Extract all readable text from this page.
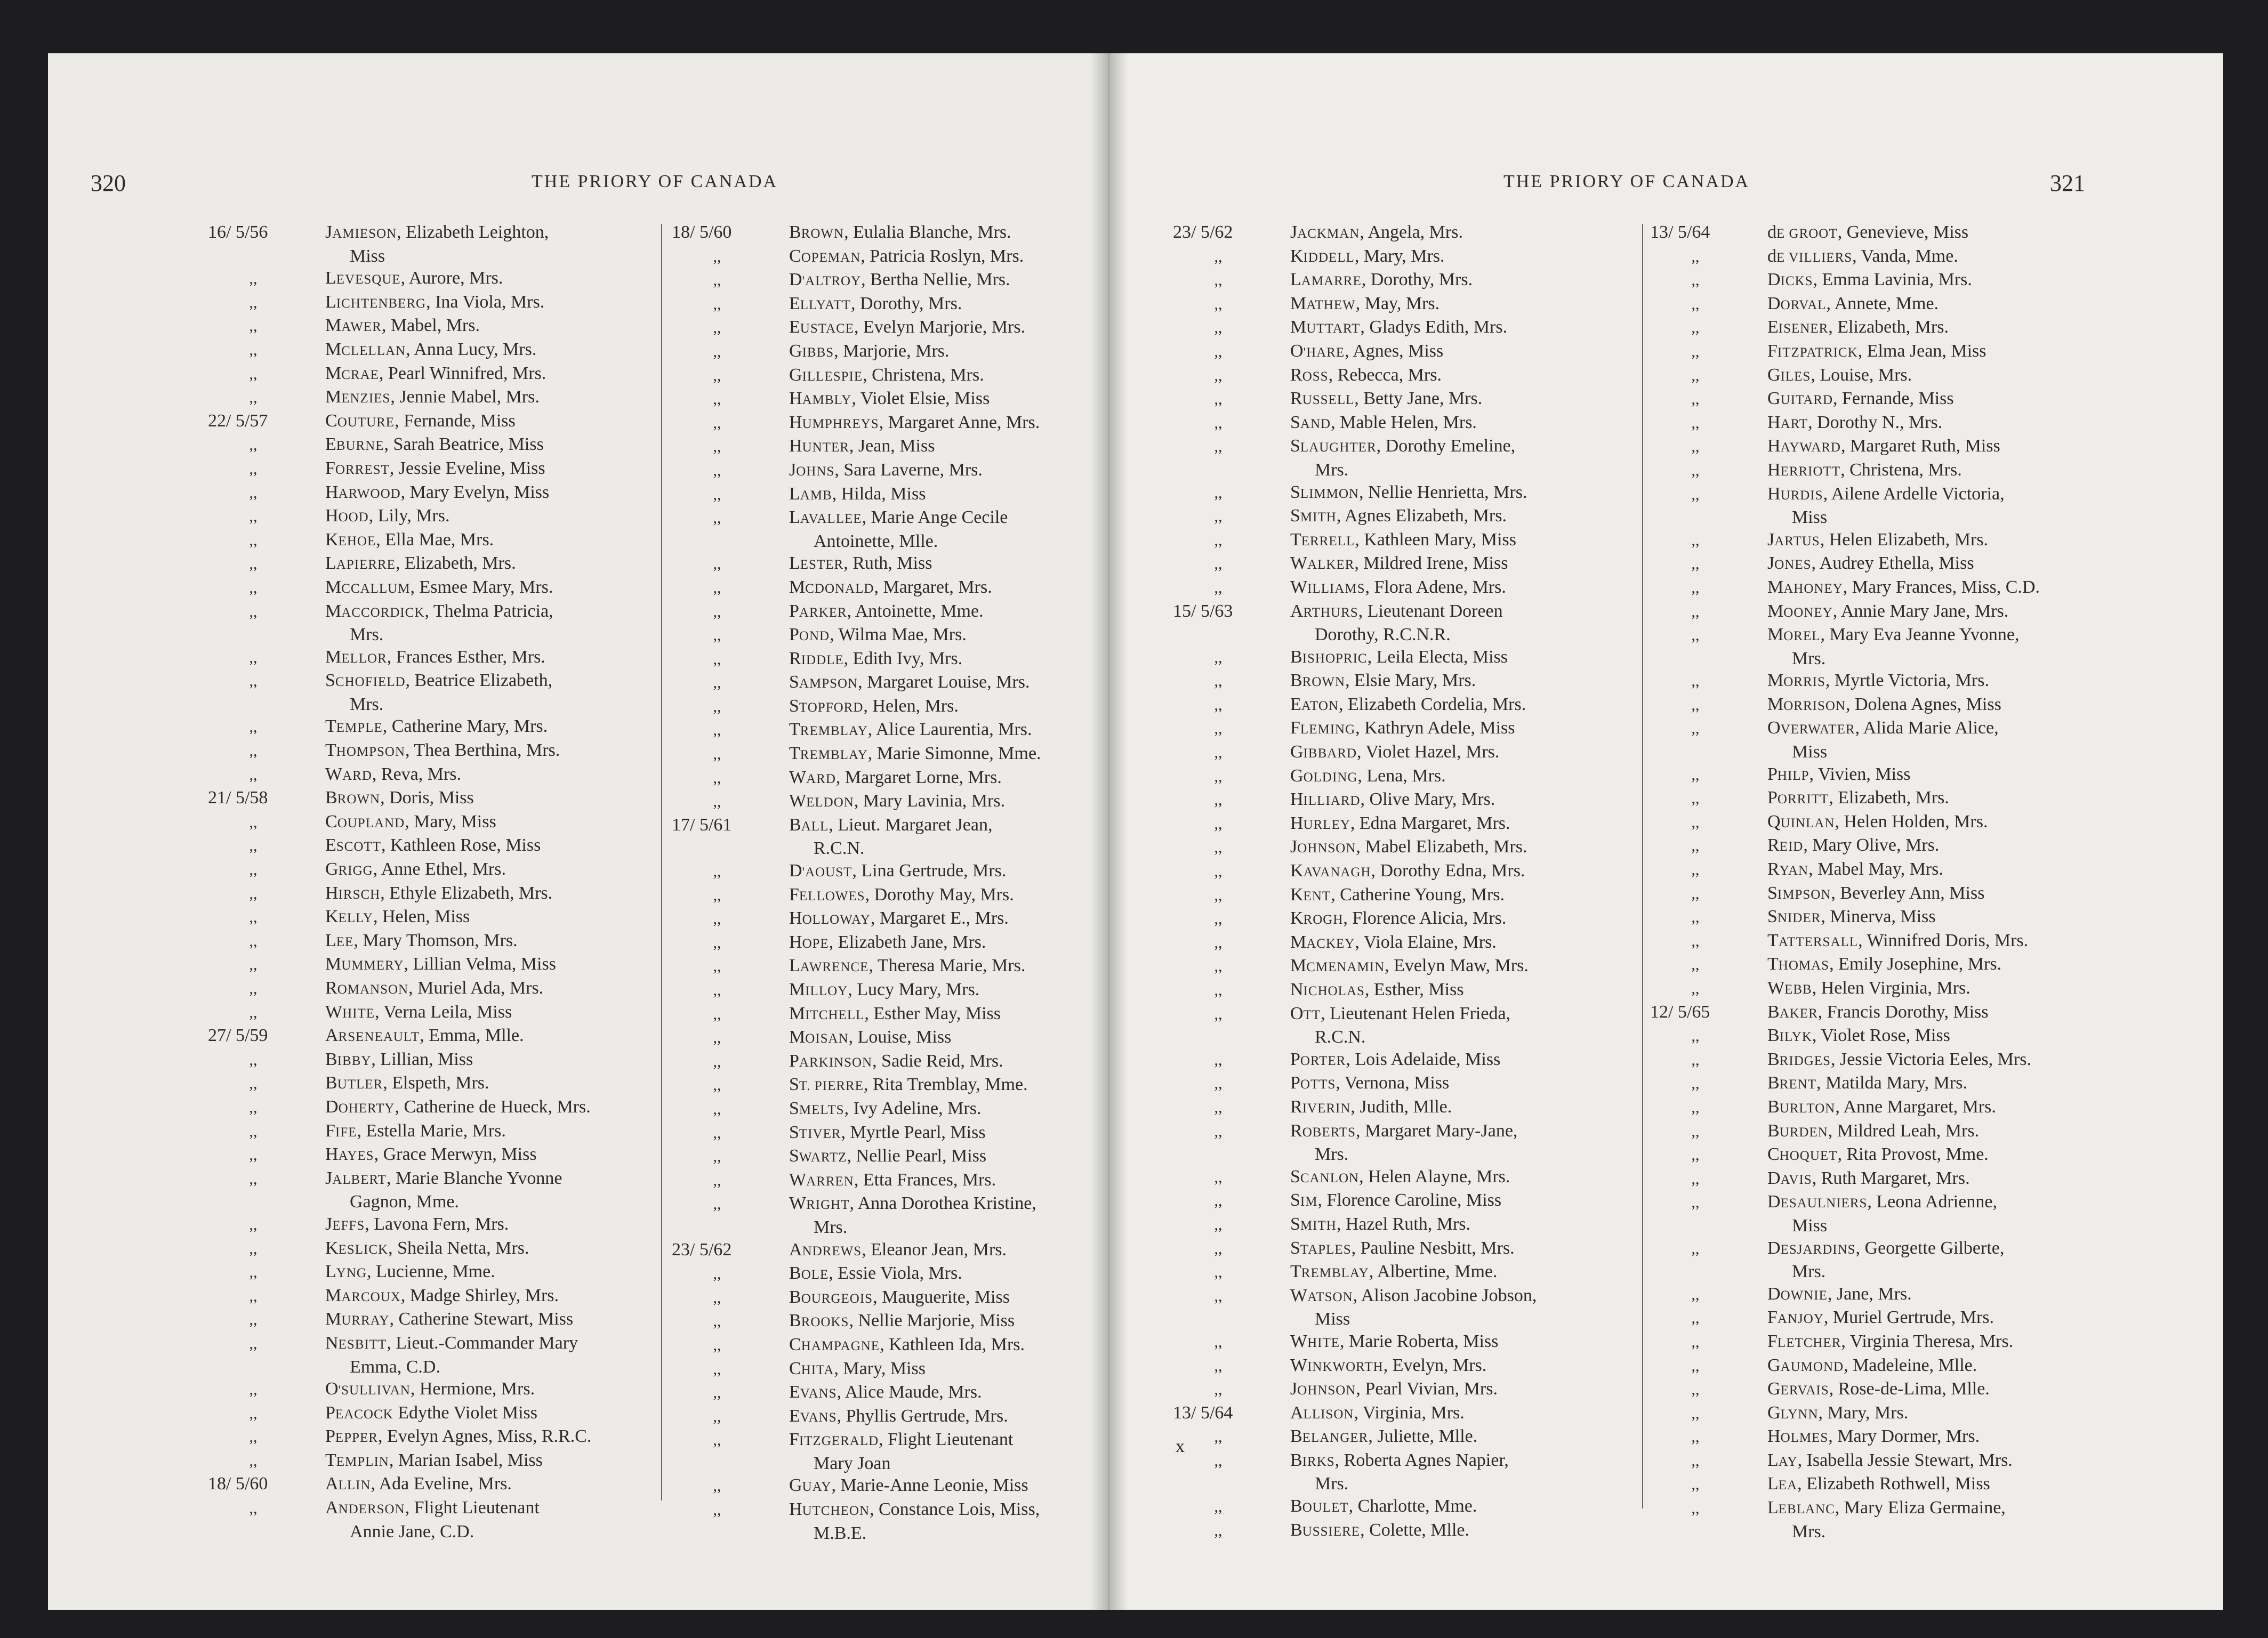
320	THE PRIORY OF CANADA
16/ 5/56	JAMIESON, Elizabeth Leighton,
Miss
,,	LEVESQUE, Aurore, Mrs.
,,	LICHTENBERG, Ina Viola, Mrs.
,,	MAWER, Mabel, Mrs.
,,	MCLELLAN, Anna Lucy, Mrs.
,,	MCRAE, Pearl Winnifred, Mrs.
,,	MENZIES, Jennie Mabel, Mrs.
22/ 5/57	COUTURE, Fernande, Miss
,,	EBURNE, Sarah Beatrice, Miss
,,	FORREST, Jessie Eveline, Miss
,,	HARWOOD, Mary Evelyn, Miss
,,	HOOD, Lily, Mrs.
,,	KEHOE, Ella Mae, Mrs.
,,	LAPIERRE, Elizabeth, Mrs.
,,	MCCALLUM, Esmee Mary, Mrs.
,,	MACCORDICK, Thelma Patricia,
Mrs.
,,	MELLOR, Frances Esther, Mrs.
,,	SCHOFIELD, Beatrice Elizabeth,
Mrs.
,,	TEMPLE, Catherine Mary, Mrs.
,,	THOMPSON, Thea Berthina, Mrs.
,,	WARD, Reva, Mrs.
21/ 5/58	BROWN, Doris, Miss
,,	COUPLAND, Mary, Miss
,,	ESCOTT, Kathleen Rose, Miss
,,	GRIGG, Anne Ethel, Mrs.
,,	HIRSCH, Ethyle Elizabeth, Mrs.
,,	KELLY, Helen, Miss
,,	LEE, Mary Thomson, Mrs.
,,	MUMMERY, Lillian Velma, Miss
,,	ROMANSON, Muriel Ada, Mrs.
,,	WHITE, Verna Leila, Miss
27/ 5/59	ARSENEAULT, Emma, Mlle.
,,	BIBBY, Lillian, Miss
,,	BUTLER, Elspeth, Mrs.
,,	DOHERTY, Catherine de Hueck, Mrs.
,,	FIFE, Estella Marie, Mrs.
,,	HAYES, Grace Merwyn, Miss
,,	JALBERT, Marie Blanche Yvonne
Gagnon, Mme.
,,	JEFFS, Lavona Fern, Mrs.
,,	KESLICK, Sheila Netta, Mrs.
,,	LYNG, Lucienne, Mme.
,,	MARCOUX, Madge Shirley, Mrs.
,,	MURRAY, Catherine Stewart, Miss
,,	NESBITT, Lieut.-Commander Mary
Emma, C.D.
,,	O'SULLIVAN, Hermione, Mrs.
,,	PEACOCK Edythe Violet Miss
,,	PEPPER, Evelyn Agnes, Miss, R.R.C.
,,	TEMPLIN, Marian Isabel, Miss
18/ 5/60	ALLIN, Ada Eveline, Mrs.
,,	ANDERSON, Flight Lieutenant
Annie Jane, C.D.
18/ 5/60	BROWN, Eulalia Blanche, Mrs.
,,	COPEMAN, Patricia Roslyn, Mrs.
,,	D'ALTROY, Bertha Nellie, Mrs.
,,	ELLYATT, Dorothy, Mrs.
,,	EUSTACE, Evelyn Marjorie, Mrs.
,,	GIBBS, Marjorie, Mrs.
,,	GILLESPIE, Christena, Mrs.
,,	HAMBLY, Violet Elsie, Miss
,,	HUMPHREYS, Margaret Anne, Mrs.
,,	HUNTER, Jean, Miss
,,	JOHNS, Sara Laverne, Mrs.
,,	LAMB, Hilda, Miss
,,	LAVALLEE, Marie Ange Cecile
Antoinette, Mlle.
,,	LESTER, Ruth, Miss
,,	MCDONALD, Margaret, Mrs.
,,	PARKER, Antoinette, Mme.
,,	POND, Wilma Mae, Mrs.
,,	RIDDLE, Edith Ivy, Mrs.
,,	SAMPSON, Margaret Louise, Mrs.
,,	STOPFORD, Helen, Mrs.
,,	TREMBLAY, Alice Laurentia, Mrs.
,,	TREMBLAY, Marie Simonne, Mme.
,,	WARD, Margaret Lorne, Mrs.
,,	WELDON, Mary Lavinia, Mrs.
17/ 5/61	BALL, Lieut. Margaret Jean,
R.C.N.
,,	D'AOUST, Lina Gertrude, Mrs.
,,	FELLOWES, Dorothy May, Mrs.
,,	HOLLOWAY, Margaret E., Mrs.
,,	HOPE, Elizabeth Jane, Mrs.
,,	LAWRENCE, Theresa Marie, Mrs.
,,	MILLOY, Lucy Mary, Mrs.
,,	MITCHELL, Esther May, Miss
,,	MOISAN, Louise, Miss
,,	PARKINSON, Sadie Reid, Mrs.
,,	ST. PIERRE, Rita Tremblay, Mme.
,,	SMELTS, Ivy Adeline, Mrs.
,,	STIVER, Myrtle Pearl, Miss
,,	SWARTZ, Nellie Pearl, Miss
,,	WARREN, Etta Frances, Mrs.
,,	WRIGHT, Anna Dorothea Kristine,
Mrs.
23/ 5/62	ANDREWS, Eleanor Jean, Mrs.
,,	BOLE, Essie Viola, Mrs.
,,	BOURGEOIS, Mauguerite, Miss
,,	BROOKS, Nellie Marjorie, Miss
,,	CHAMPAGNE, Kathleen Ida, Mrs.
,,	CHITA, Mary, Miss
,,	EVANS, Alice Maude, Mrs.
,,	EVANS, Phyllis Gertrude, Mrs.
,,	FITZGERALD, Flight Lieutenant
Mary Joan
,,	GUAY, Marie-Anne Leonie, Miss
,,	HUTCHEON, Constance Lois, Miss,
M.B.E.
321
THE PRIORY OF CANADA
23/ 5/62	JACKMAN, Angela, Mrs.
,,	KIDDELL, Mary, Mrs.
,,	LAMARRE, Dorothy, Mrs.
,,	MATHEW, May, Mrs.
,,	MUTTART, Gladys Edith, Mrs.
,,	O'HARE, Agnes, Miss
,,	ROSS, Rebecca, Mrs.
,,	RUSSELL, Betty Jane, Mrs.
,,	SAND, Mable Helen, Mrs.
,,	SLAUGHTER, Dorothy Emeline,
Mrs.
,,	SLIMMON, Nellie Henrietta, Mrs.
,,	SMITH, Agnes Elizabeth, Mrs.
,,	TERRELL, Kathleen Mary, Miss
,,	WALKER, Mildred Irene, Miss
,,	WILLIAMS, Flora Adene, Mrs.
15/ 5/63	ARTHURS, Lieutenant Doreen
Dorothy, R.C.N.R.
,,	BISHOPRIC, Leila Electa, Miss
,,	BROWN, Elsie Mary, Mrs.
,,	EATON, Elizabeth Cordelia, Mrs.
,,	FLEMING, Kathryn Adele, Miss
,,	GIBBARD, Violet Hazel, Mrs.
,,	GOLDING, Lena, Mrs.
,,	HILLIARD, Olive Mary, Mrs.
,,	HURLEY, Edna Margaret, Mrs.
,,	JOHNSON, Mabel Elizabeth, Mrs.
,,	KAVANAGH, Dorothy Edna, Mrs.
,,	KENT, Catherine Young, Mrs.
,,	KROGH, Florence Alicia, Mrs.
,,	MACKEY, Viola Elaine, Mrs.
,,	MCMENAMIN, Evelyn Maw, Mrs.
,,	NICHOLAS, Esther, Miss
,,	OTT, Lieutenant Helen Frieda,
R.C.N.
,,	PORTER, Lois Adelaide, Miss
,,	POTTS, Vernona, Miss
,,	RIVERIN, Judith, Mlle.
,,	ROBERTS, Margaret Mary-Jane,
Mrs.
,,	SCANLON, Helen Alayne, Mrs.
,,	SIM, Florence Caroline, Miss
,,	SMITH, Hazel Ruth, Mrs.
,,	STAPLES, Pauline Nesbitt, Mrs.
,,	TREMBLAY, Albertine, Mme.
,,	WATSON, Alison Jacobine Jobson,
Miss
,,	WHITE, Marie Roberta, Miss
,,	WINKWORTH, Evelyn, Mrs.
,,	JOHNSON, Pearl Vivian, Mrs.
13/ 5/64	ALLISON, Virginia, Mrs.
,,	BELANGER, Juliette, Mlle.
,,	BIRKS, Roberta Agnes Napier,
Mrs.
,,	BOULET, Charlotte, Mme.
,,	BUSSIERE, Colette, Mlle.
13/ 5/64	dE GROOT, Genevieve, Miss
,,	dE VILLIERS, Vanda, Mme.
,,	DICKS, Emma Lavinia, Mrs.
,,	DORVAL, Annete, Mme.
,,	EISENER, Elizabeth, Mrs.
,,	FITZPATRICK, Elma Jean, Miss
,,	GILES, Louise, Mrs.
,,	GUITARD, Fernande, Miss
,,	HART, Dorothy N., Mrs.
,,	HAYWARD, Margaret Ruth, Miss
,,	HERRIOTT, Christena, Mrs.
,,	HURDIS, Ailene Ardelle Victoria,
Miss
,,	JARTUS, Helen Elizabeth, Mrs.
,,	JONES, Audrey Ethella, Miss
,,	MAHONEY, Mary Frances, Miss, C.D.
,,	MOONEY, Annie Mary Jane, Mrs.
,,	MOREL, Mary Eva Jeanne Yvonne,
Mrs.
,,	MORRIS, Myrtle Victoria, Mrs.
,,	MORRISON, Dolena Agnes, Miss
,,	OVERWATER, Alida Marie Alice,
Miss
,,	PHILP, Vivien, Miss
,,	PORRITT, Elizabeth, Mrs.
,,	QUINLAN, Helen Holden, Mrs.
,,	REID, Mary Olive, Mrs.
,,	RYAN, Mabel May, Mrs.
,,	SIMPSON, Beverley Ann, Miss
,,	SNIDER, Minerva, Miss
,,	TATTERSALL, Winnifred Doris, Mrs.
,,	THOMAS, Emily Josephine, Mrs.
,,	WEBB, Helen Virginia, Mrs.
12/ 5/65	BAKER, Francis Dorothy, Miss
,,	BILYK, Violet Rose, Miss
,,	BRIDGES, Jessie Victoria Eeles, Mrs.
,,	BRENT, Matilda Mary, Mrs.
,,	BURLTON, Anne Margaret, Mrs.
,,	BURDEN, Mildred Leah, Mrs.
,,	CHOQUET, Rita Provost, Mme.
,,	DAVIS, Ruth Margaret, Mrs.
,,	DESAULNIERS, Leona Adrienne,
Miss
,,	DESJARDINS, Georgette Gilberte,
Mrs.
,,	DOWNIE, Jane, Mrs.
,,	FANJOY, Muriel Gertrude, Mrs.
,,	FLETCHER, Virginia Theresa, Mrs.
,,	GAUMOND, Madeleine, Mlle.
,,	GERVAIS, Rose-de-Lima, Mlle.
,,	GLYNN, Mary, Mrs.
,,	HOLMES, Mary Dormer, Mrs.
,,	LAY, Isabella Jessie Stewart, Mrs.
,,	LEA, Elizabeth Rothwell, Miss
,,	LEBLANC, Mary Eliza Germaine,
Mrs.
x
